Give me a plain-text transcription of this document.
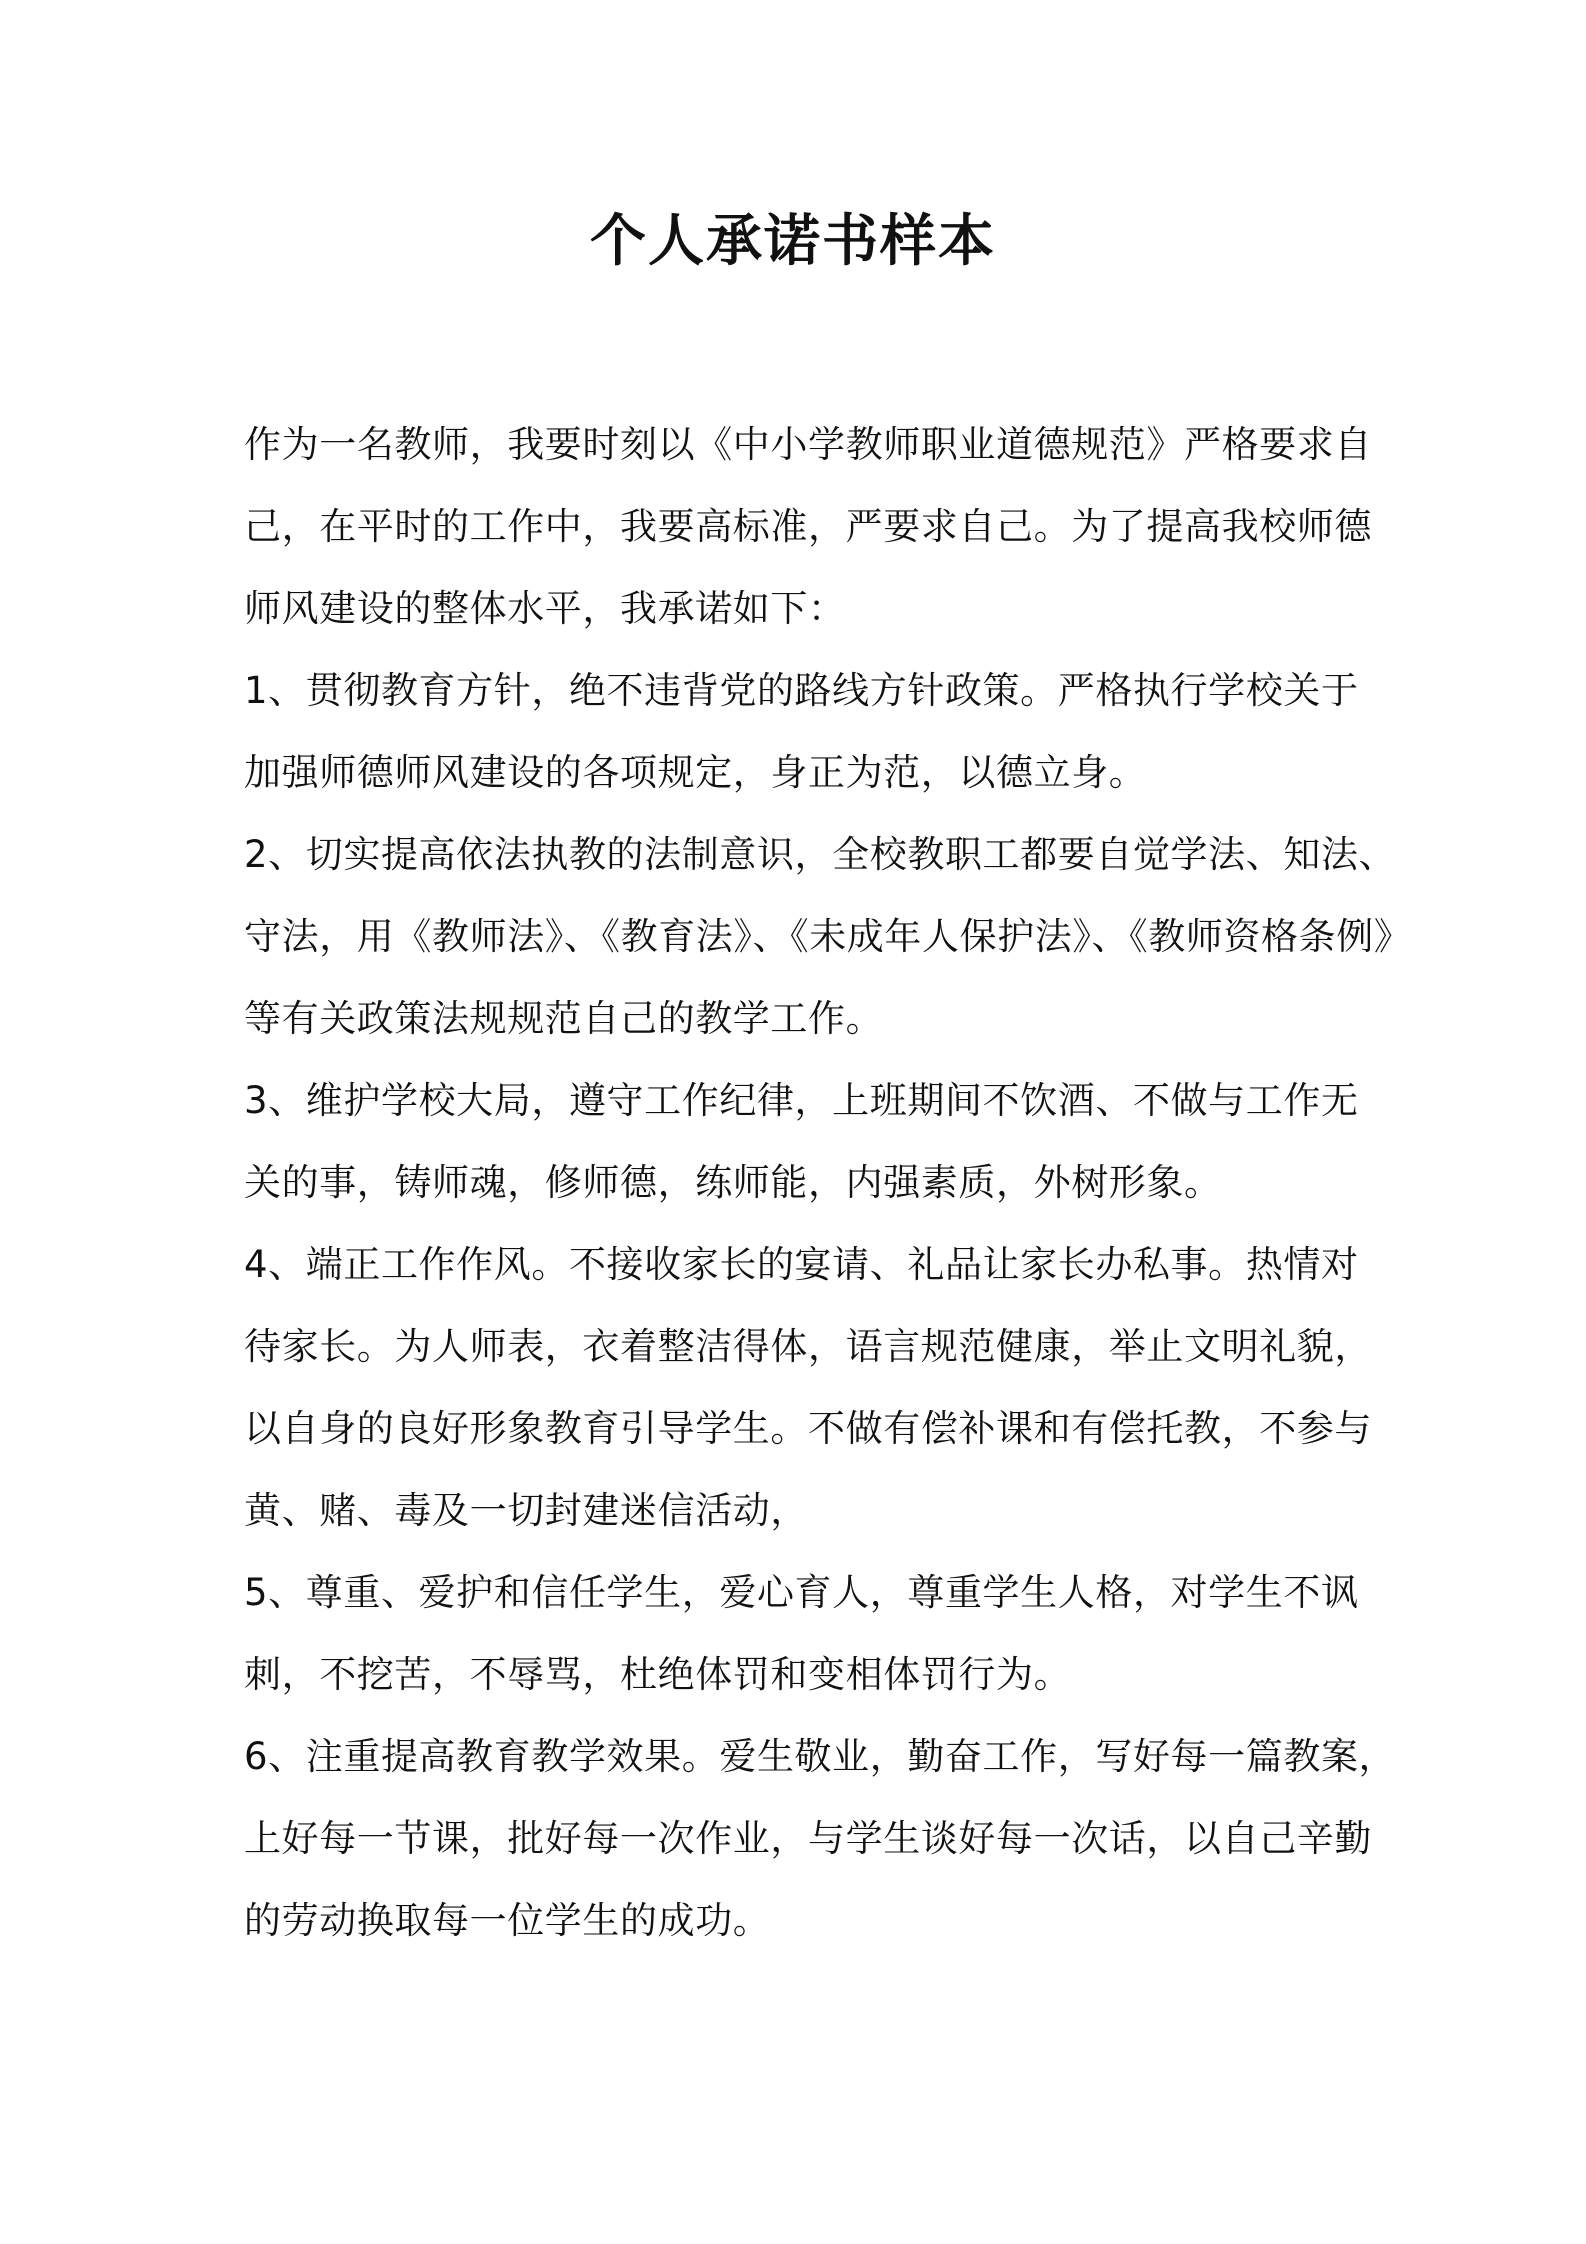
个人承诺书样本
作为一名教师，我要时刻以《中小学教师职业道德规范》严格要求自
己，在平时的工作中，我要高标准，严要求自己。为了提高我校师德
师风建设的整体水平，我承诺如下：
1、贯彻教育方针，绝不违背党的路线方针政策。严格执行学校关于
加强师德师风建设的各项规定，身正为范，以德立身。
2、切实提高依法执教的法制意识，全校教职工都要自觉学法、知法、
守法，用《教师法》、《教育法》、《未成年人保护法》、《教师资格条例》
等有关政策法规规范自己的教学工作。
3、维护学校大局，遵守工作纪律，上班期间不饮酒、不做与工作无
关的事，铸师魂，修师德，练师能，内强素质，外树形象。
4、端正工作作风。不接收家长的宴请、礼品让家长办私事。热情对
待家长。为人师表，衣着整洁得体，语言规范健康，举止文明礼貌，
以自身的良好形象教育引导学生。不做有偿补课和有偿托教，不参与
黄、赌、毒及一切封建迷信活动，
5、尊重、爱护和信任学生，爱心育人，尊重学生人格，对学生不讽
刺，不挖苦，不辱骂，杜绝体罚和变相体罚行为。
6、注重提高教育教学效果。爱生敬业，勤奋工作，写好每一篇教案，
上好每一节课，批好每一次作业，与学生谈好每一次话，以自己辛勤
的劳动换取每一位学生的成功。
